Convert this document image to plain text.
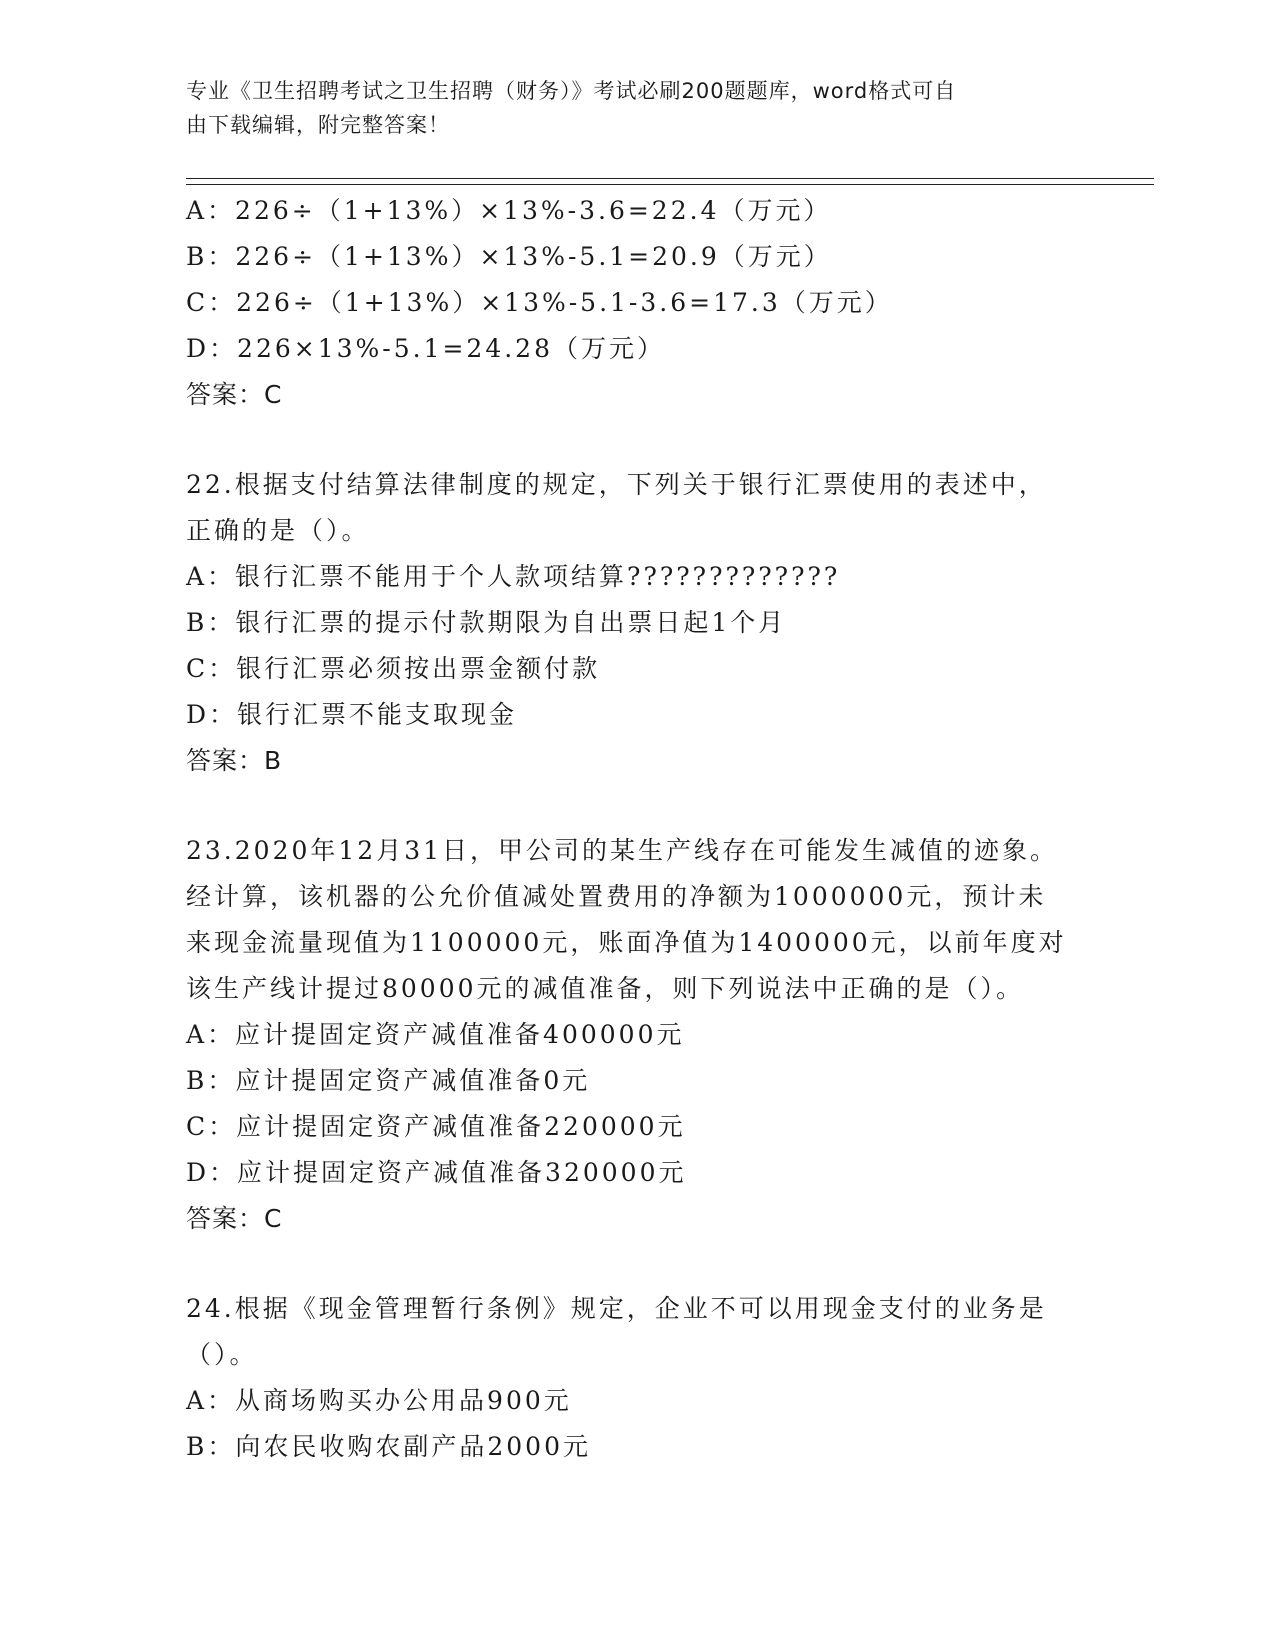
专业《卫生招聘考试之卫生招聘（财务）》考试必刷200题题库，word格式可自
由下载编辑，附完整答案！
A：226÷（1+13%）×13%-3.6=22.4（万元）
B：226÷（1+13%）×13%-5.1=20.9（万元）
C：226÷（1+13%）×13%-5.1-3.6=17.3（万元）
D：226×13%-5.1=24.28（万元）
答案：C
22.根据支付结算法律制度的规定，下列关于银行汇票使用的表述中，
正确的是（）。
A：银行汇票不能用于个人款项结算?????????????
B：银行汇票的提示付款期限为自出票日起1个月
C：银行汇票必须按出票金额付款
D：银行汇票不能支取现金
答案：B
23.2020年12月31日，甲公司的某生产线存在可能发生减值的迹象。
经计算，该机器的公允价值减处置费用的净额为1000000元，预计未
来现金流量现值为1100000元，账面净值为1400000元，以前年度对
该生产线计提过80000元的减值准备，则下列说法中正确的是（）。
A：应计提固定资产减值准备400000元
B：应计提固定资产减值准备0元
C：应计提固定资产减值准备220000元
D：应计提固定资产减值准备320000元
答案：C
24.根据《现金管理暂行条例》规定，企业不可以用现金支付的业务是
（）。
A：从商场购买办公用品900元
B：向农民收购农副产品2000元
